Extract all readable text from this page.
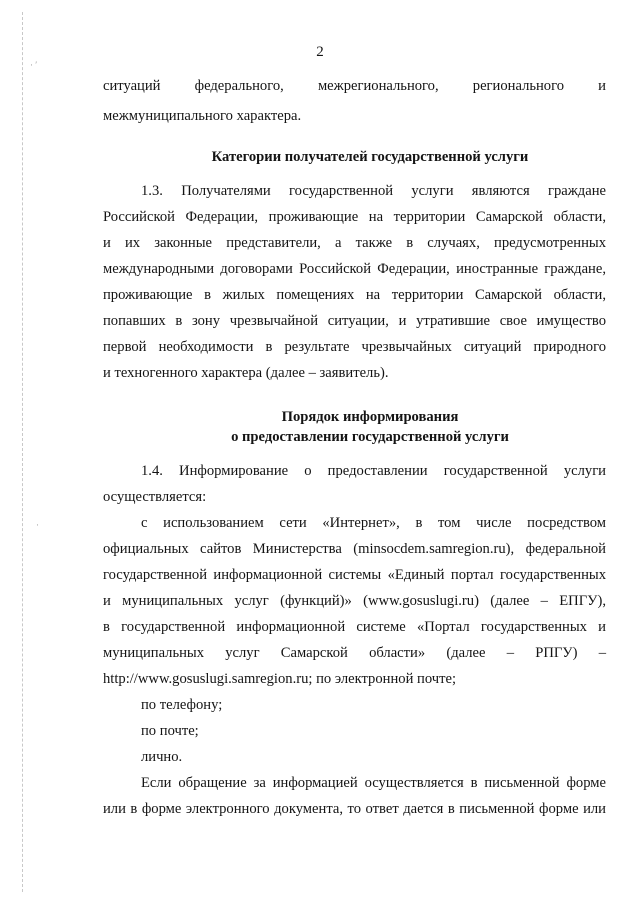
· ′
·
2
ситуаций федерального, межрегионального, регионального и
межмуниципального характера.
Категории получателей государственной услуги
1.3. Получателями государственной услуги являются граждане
Российской Федерации, проживающие на территории Самарской области,
и их законные представители, а также в случаях, предусмотренных
международными договорами Российской Федерации, иностранные граждане,
проживающие в жилых помещениях на территории Самарской области,
попавших в зону чрезвычайной ситуации, и утратившие свое имущество
первой необходимости в результате чрезвычайных ситуаций природного
и техногенного характера (далее – заявитель).
Порядок информирования
о предоставлении государственной услуги
1.4. Информирование о предоставлении государственной услуги
осуществляется:
с использованием сети «Интернет», в том числе посредством
официальных сайтов Министерства (minsocdem.samregion.ru), федеральной
государственной информационной системы «Единый портал государственных
и муниципальных услуг (функций)» (www.gosuslugi.ru) (далее – ЕПГУ),
в государственной информационной системе «Портал государственных и
муниципальных услуг Самарской области» (далее – РПГУ) –
http://www.gosuslugi.samregion.ru; по электронной почте;
по телефону;
по почте;
лично.
Если обращение за информацией осуществляется в письменной форме
или в форме электронного документа, то ответ дается в письменной форме или
